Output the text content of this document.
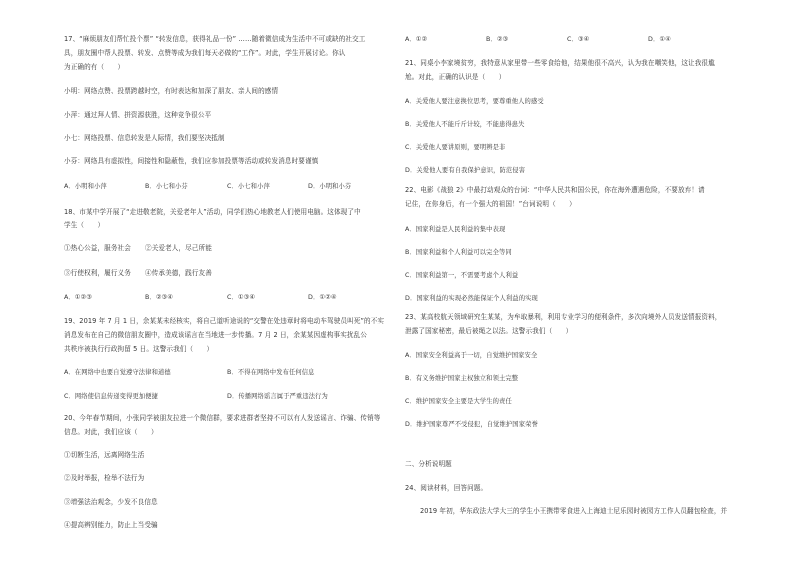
17、“麻烦朋友们帮忙投个票” “转发信息，获得礼品一份” ……随着微信成为生活中不可或缺的社交工
具，朋友圈中帮人投票、转发、点赞等成为我们每天必做的“工作”。对此，学生开展讨论。你认
为正确的有（　　）
小明：网络点赞、投票跨越时空，有时表达和加深了朋友、亲人间的感情
小萍：通过拜人情、拼资源获胜，这种竞争很公平
小七：网络投票、信息转发是人际情，我们要坚决抵制
小芬：网络具有虚拟性，间接性和隐蔽性，我们应参加投票等活动或转发消息时要谨慎
A．小明和小萍	B．小七和小芬	C．小七和小萍	D．小明和小芬
18、市某中学开展了“走进敬老院，关爱老年人”活动，同学们热心地教老人们使用电脑。这体现了中
学生（　　）
①热心公益，服务社会 ②关爱老人，尽己所能
③行使权利，履行义务 ④传承美德，践行友善
A．①②③	B．②③④	C．①③④	D．①②④
19、2019 年 7 月 1 日，余某某未经核实，将自己道听途说的“交警在处违章时将电动车驾驶员叫死”的不实
消息发布在自己的微信朋友圈中，造成该谣言在当地进一步传播。7 月 2 日，余某某因虚构事实扰乱公
共秩序被执行行政拘留 5 日。这警示我们（　　）
A．在网络中也要自觉遵守法律和道德	B．不得在网络中发布任何信息
C．网络使信息传递变得更加便捷	D．传播网络谣言属于严重违法行为
20、今年春节期间，小张同学被朋友拉进一个微信群，要求进群者坚持不可以有人发送谣言、诈骗、传销等
信息。对此，我们应该（　　）
①切断生活，远离网络生活
②及时举报，检举不法行为
③增强法治观念，少发不良信息
④提高辨别能力，防止上当受骗
A．①②	B．②③	C．③④	D．①④
21、同桌小李家境贫穷，我特意从家里带一些零食给他，结果他很不高兴，认为我在嘲笑他，这让我很尴
尬。对此，正确的认识是（　　）
A．关爱他人要注意换位思考，要尊重他人的感受
B．关爱他人不能斤斤计较，不能患得患失
C．关爱他人要讲原则，要明辨是非
D．关爱他人要有自我保护意识，防范侵害
22、电影《战狼 2》中最打动观众的台词：“中华人民共和国公民，你在海外遭遇危险，不要放弃！请
记住，在你身后，有一个强大的祖国！”台词说明（　　）
A．国家利益是人民利益的集中表现
B．国家利益和个人利益可以完全等同
C．国家利益第一，不需要考虑个人利益
D．国家利益的实现必然能保证个人利益的实现
23、某高校航天领域研究生某某，为牟取暴利，利用专业学习的便利条件，多次向境外人员发送情报资料，
泄露了国家秘密，最后被绳之以法。这警示我们（　　）
A．国家安全利益高于一切，自觉维护国家安全
B．有义务维护国家主权独立和领土完整
C．维护国家安全主要是大学生的责任
D．维护国家尊严不受侵犯，自觉维护国家荣誉
二、分析说明题
24、阅读材料，回答问题。
2019 年初，华东政法大学大三的学生小王携带零食进入上海迪士尼乐园时被园方工作人员翻包检查，并
